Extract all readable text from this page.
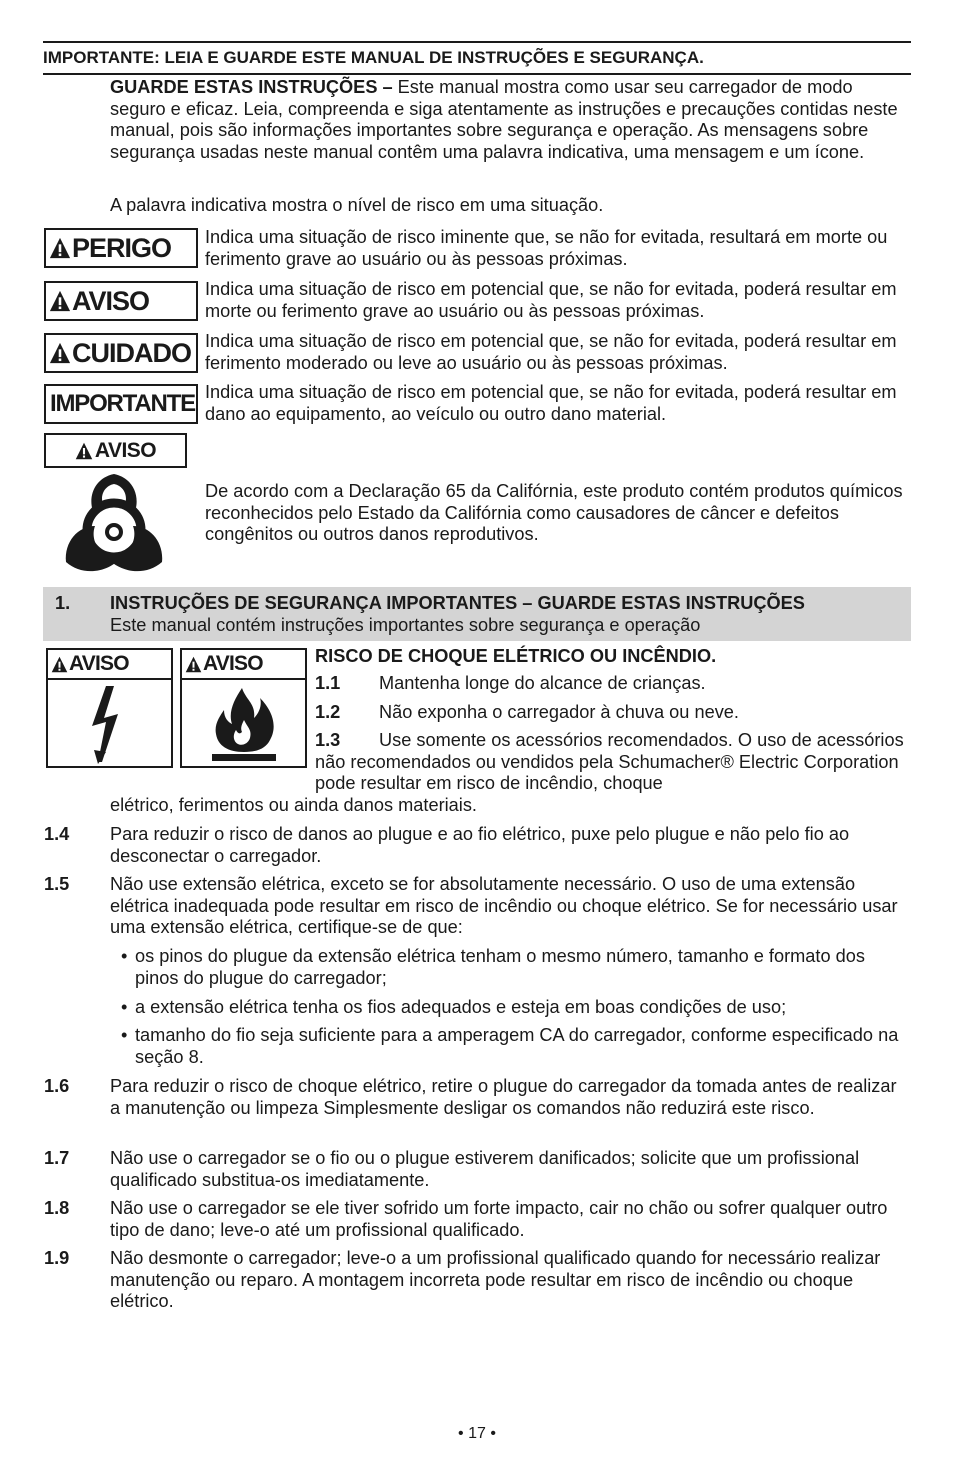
IMPORTANTE: LEIA E GUARDE ESTE MANUAL DE INSTRUÇÕES E SEGURANÇA.
GUARDE ESTAS INSTRUÇÕES – Este manual mostra como usar seu carregador de modo seguro e eficaz. Leia, compreenda e siga atentamente as instruções e precauções contidas neste manual, pois são informações importantes sobre segurança e operação. As mensagens sobre segurança usadas neste manual contêm uma palavra indicativa, uma mensagem e um ícone.
A palavra indicativa mostra o nível de risco em uma situação.
PERIGO Indica uma situação de risco iminente que, se não for evitada, resultará em morte ou ferimento grave ao usuário ou às pessoas próximas.
AVISO	Indica uma situação de risco em potencial que, se não for evitada, poderá resultar em morte ou ferimento grave ao usuário ou às pessoas próximas.
CUIDADO Indica uma situação de risco em potencial que, se não for evitada, poderá resultar em ferimento moderado ou leve ao usuário ou às pessoas próximas.
IMPORTANTE Indica uma situação de risco em potencial que, se não for evitada, poderá resultar em dano ao equipamento, ao veículo ou outro dano material.
AVISO
De acordo com a Declaração 65 da Califórnia, este produto contém produtos químicos reconhecidos pelo Estado da Califórnia como causadores de câncer e defeitos congênitos ou outros danos reprodutivos.
1. INSTRUÇÕES DE SEGURANÇA IMPORTANTES – GUARDE ESTAS INSTRUÇÕES
Este manual contém instruções importantes sobre segurança e operação
AVISO	AVISO	RISCO DE CHOQUE ELÉTRICO OU INCÊNDIO.
1.1	Mantenha longe do alcance de crianças.
1.2	Não exponha o carregador à chuva ou neve.
1.3	Use somente os acessórios recomendados. O uso de acessórios não recomendados ou vendidos pela Schumacher® Electric Corporation pode resultar em risco de incêndio, choque
elétrico, ferimentos ou ainda danos materiais.
1.4	Para reduzir o risco de danos ao plugue e ao fio elétrico, puxe pelo plugue e não pelo fio ao desconectar o carregador.
1.5	Não use extensão elétrica, exceto se for absolutamente necessário. O uso de uma extensão elétrica inadequada pode resultar em risco de incêndio ou choque elétrico. Se for necessário usar uma extensão elétrica, certifique-se de que:
• os pinos do plugue da extensão elétrica tenham o mesmo número, tamanho e formato dos pinos do plugue do carregador;
• a extensão elétrica tenha os fios adequados e esteja em boas condições de uso;
• tamanho do fio seja suficiente para a amperagem CA do carregador, conforme especificado na seção 8.
1.6	Para reduzir o risco de choque elétrico, retire o plugue do carregador da tomada antes de realizar a manutenção ou limpeza Simplesmente desligar os comandos não reduzirá este risco.
1.7	Não use o carregador se o fio ou o plugue estiverem danificados; solicite que um profissional qualificado substitua-os imediatamente.
1.8	Não use o carregador se ele tiver sofrido um forte impacto, cair no chão ou sofrer qualquer outro tipo de dano; leve-o até um profissional qualificado.
1.9	Não desmonte o carregador; leve-o a um profissional qualificado quando for necessário realizar manutenção ou reparo. A montagem incorreta pode resultar em risco de incêndio ou choque elétrico.
• 17 •
